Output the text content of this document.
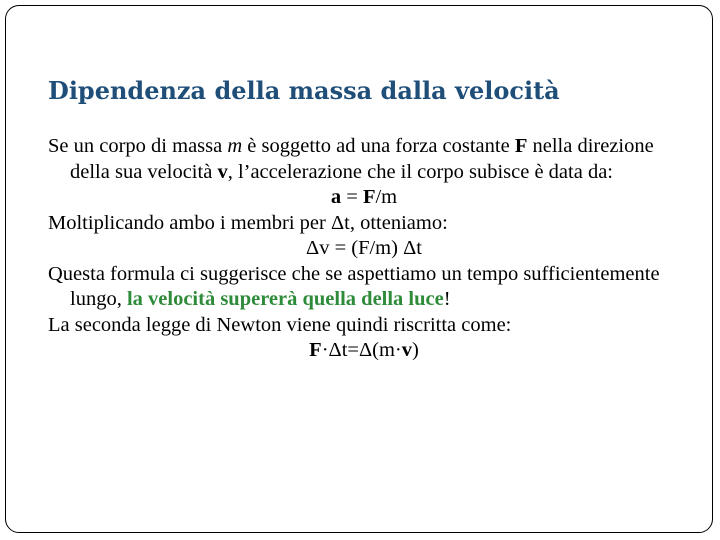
Dipendenza della massa dalla velocità

Se un corpo di massa m è soggetto ad una forza costante F nella direzione della sua velocità v, l’accelerazione che il corpo subisce è data da:

a = F/m

Moltiplicando ambo i membri per Δt, otteniamo:

Δv = (F/m) Δt

Questa formula ci suggerisce che se aspettiamo un tempo sufficientemente lungo, la velocità supererà quella della luce!

La seconda legge di Newton viene quindi riscritta come:

F·Δt=Δ(m·v)
